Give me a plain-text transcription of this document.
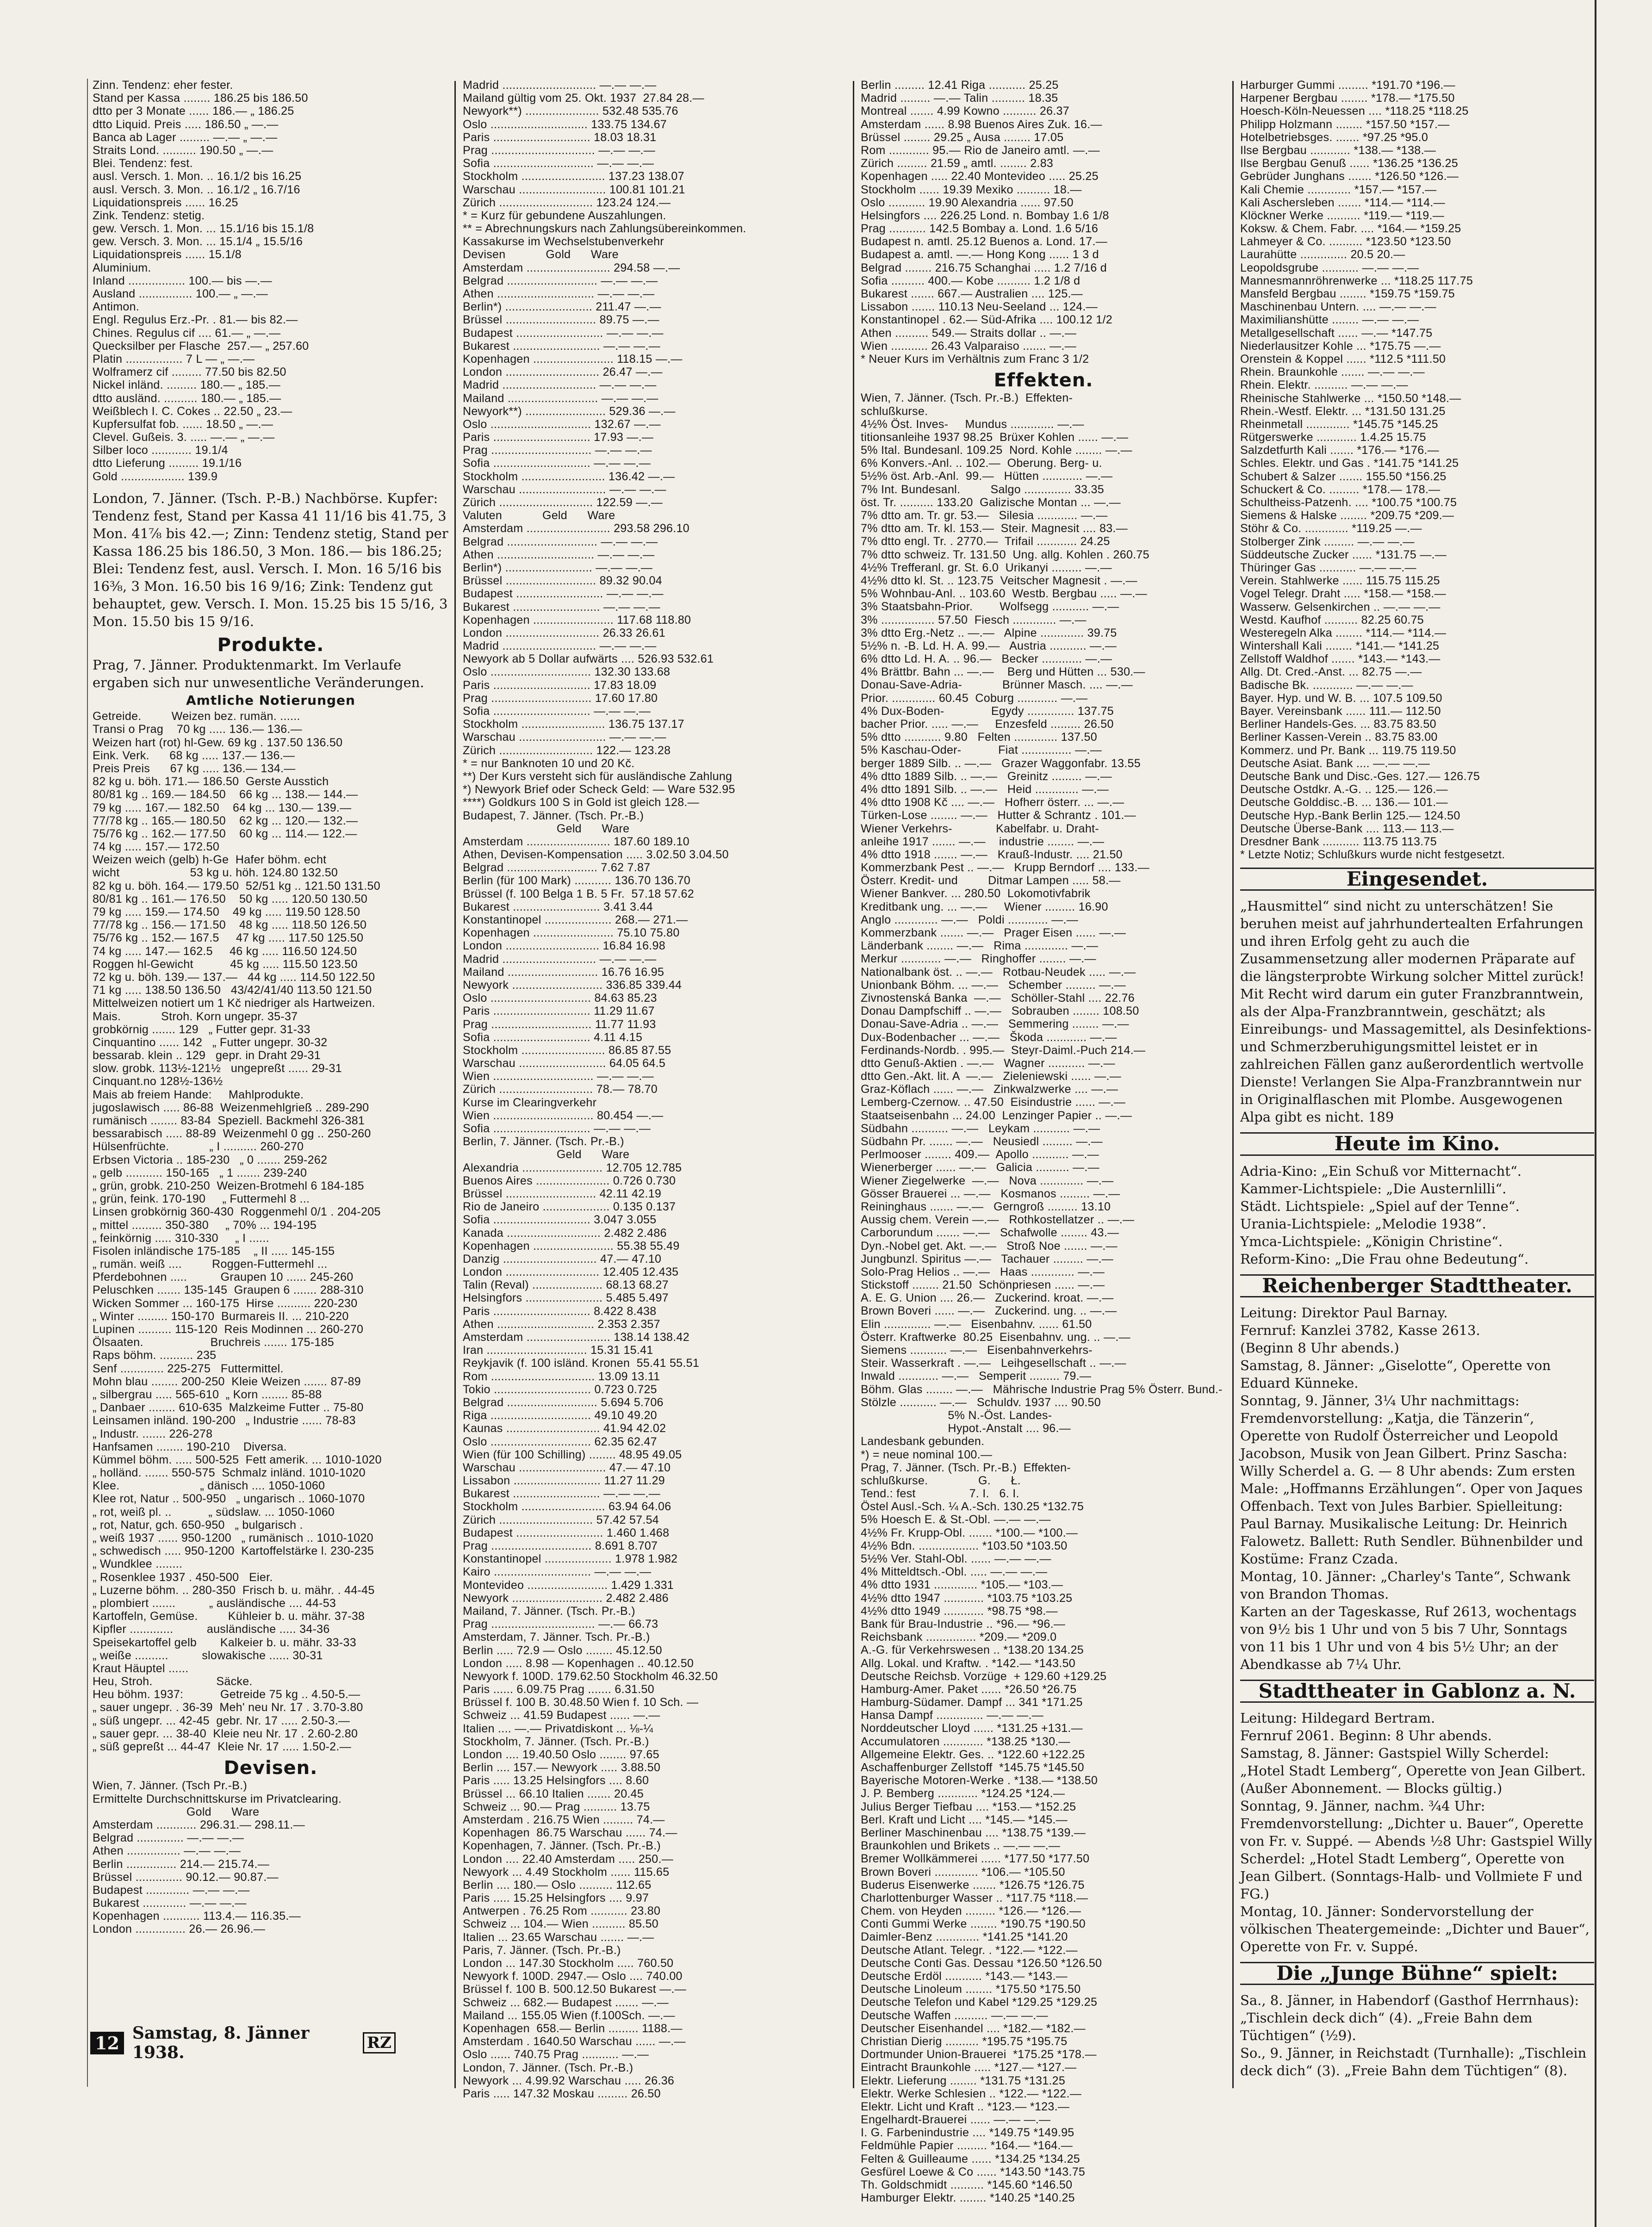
Zinn. Tendenz: eher fester.
Stand per Kassa ........ 186.25 bis 186.50
dtto per 3 Monate ...... 186.— „ 186.25
dtto Liquid. Preis ..... 186.50 „ —.—
Banca ab Lager ......... —.— „ —.—
Straits Lond. .......... 190.50 „ —.—
Blei. Tendenz: fest.
ausl. Versch. 1. Mon. .. 16.1/2 bis 16.25
ausl. Versch. 3. Mon. .. 16.1/2 „ 16.7/16
Liquidationspreis ...... 16.25
Zink. Tendenz: stetig.
gew. Versch. 1. Mon. ... 15.1/16 bis 15.1/8
gew. Versch. 3. Mon. ... 15.1/4 „ 15.5/16
Liquidationspreis ...... 15.1/8
Aluminium.
Inland ................. 100.— bis —.—
Ausland ................ 100.— „ —.—
Antimon.
Engl. Regulus Erz.-Pr. . 81.— bis 82.—
Chines. Regulus cif .... 61.— „ —.—
Quecksilber per Flasche  257.— „ 257.60
Platin ................. 7 L — „ —.—
Wolframerz cif ......... 77.50 bis 82.50
Nickel inländ. ......... 180.— „ 185.—
dtto ausländ. .......... 180.— „ 185.—
Weißblech I. C. Cokes .. 22.50 „ 23.—
Kupfersulfat fob. ...... 18.50 „ —.—
Clevel. Gußeis. 3. ..... —.— „ —.—
Silber loco ............ 19.1/4
dtto Lieferung ......... 19.1/16
Gold ................... 139.9
London, 7. Jänner. (Tsch. P.-B.) Nachbörse. Kupfer: Tendenz fest, Stand per Kassa 41 11/16 bis 41.75, 3 Mon. 41⅞ bis 42.—; Zinn: Tendenz stetig, Stand per Kassa 186.25 bis 186.50, 3 Mon. 186.— bis 186.25; Blei: Tendenz fest, ausl. Versch. I. Mon. 16 5/16 bis 16⅜, 3 Mon. 16.50 bis 16 9/16; Zink: Tendenz gut behauptet, gew. Versch. I. Mon. 15.25 bis 15 5/16, 3 Mon. 15.50 bis 15 9/16.
Produkte.
Prag, 7. Jänner. Produktenmarkt. Im Verlaufe ergaben sich nur unwesentliche Veränderungen.
Amtliche Notierungen
Getreide.         Weizen bez. rumän. ......
Transi o Prag    70 kg ..... 136.— 136.—
Weizen hart (rot) hl-Gew. 69 kg . 137.50 136.50
Eink. Verk.      68 kg ..... 137.— 136.—
Preis Preis      67 kg ..... 136.— 134.—
82 kg u. böh. 171.— 186.50  Gerste Ausstich
80/81 kg .. 169.— 184.50    66 kg ... 138.— 144.—
79 kg ..... 167.— 182.50    64 kg ... 130.— 139.—
77/78 kg .. 165.— 180.50    62 kg ... 120.— 132.—
75/76 kg .. 162.— 177.50    60 kg ... 114.— 122.—
74 kg ..... 157.— 172.50
Weizen weich (gelb) h-Ge  Hafer böhm. echt
wicht                     53 kg u. höh. 124.80 132.50
82 kg u. böh. 164.— 179.50  52/51 kg .. 121.50 131.50
80/81 kg .. 161.— 176.50    50 kg ..... 120.50 130.50
79 kg ..... 159.— 174.50    49 kg ..... 119.50 128.50
77/78 kg .. 156.— 171.50    48 kg ..... 118.50 126.50
75/76 kg .. 152.— 167.5     47 kg ..... 117.50 125.50
74 kg ..... 147.— 162.5     46 kg ..... 116.50 124.50
Roggen hl-Gewicht           45 kg ..... 115.50 123.50
72 kg u. böh. 139.— 137.—   44 kg ..... 114.50 122.50
71 kg ..... 138.50 136.50   43/42/41/40 113.50 121.50
Mittelweizen notiert um 1 Kč niedriger als Hartweizen.
Mais.            Stroh. Korn ungepr. 35-37
grobkörnig ....... 129   „ Futter gepr. 31-33
Cinquantino ...... 142   „ Futter ungepr. 30-32
bessarab. klein .. 129   gepr. in Draht 29-31
slow. grobk. 113½-121½   ungepreßt ...... 29-31
Cinquant.no 128½-136½
Mais ab freiem Hande:     Mahlprodukte.
jugoslawisch ..... 86-88  Weizenmehlgrieß .. 289-290
rumänisch ........ 83-84  Speziell. Backmehl 326-381
bessarabisch ..... 88-89  Weizenmehl 0 gg .. 250-260
Hülsenfrüchte.            „ I .......... 260-270
Erbsen Victoria .. 185-230   „ 0 ....... 259-262
„ gelb ........... 150-165   „ 1 ....... 239-240
„ grün, grobk. 210-250  Weizen-Brotmehl 6 184-185
„ grün, feink. 170-190     „ Futtermehl 8 ...
Linsen grobkörnig 360-430  Roggenmehl 0/1 . 204-205
„ mittel ......... 350-380     „ 70% ... 194-195
„ feinkörnig ..... 310-330     „ I ......
Fisolen inländische 175-185    „ II ..... 145-155
„ rumän. weiß ....         Roggen-Futtermehl ...
Pferdebohnen .....          Graupen 10 ...... 245-260
Peluschken ....... 135-145  Graupen 6 ....... 288-310
Wicken Sommer ... 160-175  Hirse .......... 220-230
„ Winter ......... 150-170  Burmareis II. ... 210-220
Lupinen .......... 115-120  Reis Modinnen ... 260-270
Ölsaaten.                    Bruchreis ....... 175-185
Raps böhm. .......... 235
Senf ............. 225-275   Futtermittel.
Mohn blau ........ 200-250  Kleie Weizen ....... 87-89
„ silbergrau ..... 565-610  „ Korn ........ 85-88
„ Danbaer ........ 610-635  Malzkeime Futter .. 75-80
Leinsamen inländ. 190-200   „ Industrie ...... 78-83
„ Industr. ....... 226-278
Hanfsamen ........ 190-210    Diversa.
Kümmel böhm. ..... 500-525  Fett amerik. ... 1010-1020
„ holländ. ....... 550-575  Schmalz inländ. 1010-1020
Klee.                        „ dänisch .... 1050-1060
Klee rot, Natur .. 500-950   „ ungarisch .. 1060-1070
„ rot, weiß pl. ..           „ südslaw. ... 1050-1060
„ rot, Natur, gch. 650-950   „ bulgarisch .
„ weiß 1937 ...... 950-1200   „ rumänisch .. 1010-1020
„ schwedisch ..... 950-1200  Kartoffelstärke l. 230-235
„ Wundklee ........
„ Rosenklee 1937 . 450-500   Eier.
„ Luzerne böhm. .. 280-350  Frisch b. u. mähr. . 44-45
„ plombiert .......          „ ausländische .... 44-53
Kartoffeln, Gemüse.         Kühleier b. u. mähr. 37-38
Kipfler .............          ausländische ..... 34-36
Speisekartoffel gelb       Kalkeier b. u. mähr. 33-33
„ weiße ..........          slowakische ...... 30-31
Kraut Häuptel ......
Heu, Stroh.                   Säcke.
Heu böhm. 1937:           Getreide 75 kg .. 4.50-5.—
„ sauer ungepr. . 36-39  Meh' neu Nr. 17 . 3.70-3.80
„ süß ungepr. ... 42-45  gebr. Nr. 17 ..... 2.50-3.—
„ sauer gepr. ... 38-40  Kleie neu Nr. 17 . 2.60-2.80
„ süß gepreßt ... 44-47  Kleie Nr. 17 ..... 1.50-2.—
Devisen.
Wien, 7. Jänner. (Tsch Pr.-B.)
Ermittelte Durchschnittskurse im Privatclearing.
Gold      Ware
Amsterdam ............ 296.31.— 298.11.—
Belgrad .............. —.— —.—
Athen ................ —.— —.—
Berlin ............... 214.— 215.74.—
Brüssel .............. 90.12.— 90.87.—
Budapest ............. —.— —.—
Bukarest ............. —.— —.—
Kopenhagen ........... 113.4.— 116.35.—
London ............... 26.— 26.96.—
Madrid ............................ —.— —.—
Mailand gültig vom 25. Okt. 1937  27.84 28.—
Newyork**) ...................... 532.48 535.76
Oslo ............................. 133.75 134.67
Paris ............................. 18.03 18.31
Prag ............................... —.— —.—
Sofia .............................. —.— —.—
Stockholm ......................... 137.23 138.07
Warschau .......................... 100.81 101.21
Zürich ............................ 123.24 124.—
* = Kurz für gebundene Auszahlungen.
** = Abrechnungskurs nach Zahlungsübereinkommen.
Kassakurse im Wechselstubenverkehr
Devisen            Gold      Ware
Amsterdam ......................... 294.58 —.—
Belgrad ........................... —.— —.—
Athen ............................. —.— —.—
Berlin*) .......................... 211.47 —.—
Brüssel ........................... 89.75 —.—
Budapest .......................... —.— —.—
Bukarest .......................... —.— —.—
Kopenhagen ........................ 118.15 —.—
London ............................ 26.47 —.—
Madrid ............................ —.— —.—
Mailand ........................... —.— —.—
Newyork**) ........................ 529.36 —.—
Oslo .............................. 132.67 —.—
Paris ............................. 17.93 —.—
Prag .............................. —.— —.—
Sofia ............................. —.— —.—
Stockholm ......................... 136.42 —.—
Warschau .......................... —.— —.—
Zürich ............................ 122.59 —.—
Valuten            Geld      Ware
Amsterdam ......................... 293.58 296.10
Belgrad ........................... —.— —.—
Athen ............................. —.— —.—
Berlin*) .......................... —.— —.—
Brüssel ........................... 89.32 90.04
Budapest .......................... —.— —.—
Bukarest .......................... —.— —.—
Kopenhagen ........................ 117.68 118.80
London ............................ 26.33 26.61
Madrid ............................ —.— —.—
Newyork ab 5 Dollar aufwärts .... 526.93 532.61
Oslo .............................. 132.30 133.68
Paris ............................. 17.83 18.09
Prag .............................. 17.60 17.80
Sofia ............................. —.— —.—
Stockholm ......................... 136.75 137.17
Warschau .......................... —.— —.—
Zürich ............................ 122.— 123.28
* = nur Banknoten 10 und 20 Kč.
**) Der Kurs versteht sich für ausländische Zahlung
*) Newyork Brief oder Scheck Geld: — Ware 532.95
****) Goldkurs 100 S in Gold ist gleich 128.—
Budapest, 7. Jänner. (Tsch. Pr.-B.)
Geld      Ware
Amsterdam ......................... 187.60 189.10
Athen, Devisen-Kompensation ..... 3.02.50 3.04.50
Belgrad ........................... 7.62 7.87
Berlin (für 100 Mark) ........... 136.70 136.70
Brüssel (f. 100 Belga 1 B. 5 Fr.  57.18 57.62
Bukarest .......................... 3.41 3.44
Konstantinopel .................... 268.— 271.—
Kopenhagen ........................ 75.10 75.80
London ............................ 16.84 16.98
Madrid ............................ —.— —.—
Mailand ........................... 16.76 16.95
Newyork ........................... 336.85 339.44
Oslo .............................. 84.63 85.23
Paris ............................. 11.29 11.67
Prag .............................. 11.77 11.93
Sofia ............................. 4.11 4.15
Stockholm ......................... 86.85 87.55
Warschau .......................... 64.05 64.5
Wien .............................. —.— —.—
Zürich ............................ 78.— 78.70
Kurse im Clearingverkehr
Wien .............................. 80.454 —.—
Sofia ............................. —.— —.—
Berlin, 7. Jänner. (Tsch. Pr.-B.)
Geld      Ware
Alexandria ........................ 12.705 12.785
Buenos Aires ...................... 0.726 0.730
Brüssel ........................... 42.11 42.19
Rio de Janeiro .................... 0.135 0.137
Sofia ............................. 3.047 3.055
Kanada ............................ 2.482 2.486
Kopenhagen ........................ 55.38 55.49
Danzig ............................ 47.— 47.10
London ............................ 12.405 12.435
Talin (Reval) ..................... 68.13 68.27
Helsingfors ....................... 5.485 5.497
Paris ............................. 8.422 8.438
Athen ............................. 2.353 2.357
Amsterdam ......................... 138.14 138.42
Iran .............................. 15.31 15.41
Reykjavik (f. 100 isländ. Kronen  55.41 55.51
Rom ............................... 13.09 13.11
Tokio ............................. 0.723 0.725
Belgrad ........................... 5.694 5.706
Riga .............................. 49.10 49.20
Kaunas ............................ 41.94 42.02
Oslo .............................. 62.35 62.47
Wien (für 100 Schilling) ........ 48.95 49.05
Warschau .......................... 47.— 47.10
Lissabon .......................... 11.27 11.29
Bukarest .......................... —.— —.—
Stockholm ......................... 63.94 64.06
Zürich ............................ 57.42 57.54
Budapest .......................... 1.460 1.468
Prag .............................. 8.691 8.707
Konstantinopel .................... 1.978 1.982
Kairo ............................. —.— —.—
Montevideo ........................ 1.429 1.331
Newyork ........................... 2.482 2.486
Mailand, 7. Jänner. (Tsch. Pr.-B.)
Prag ............................... —.— 66.73
Amsterdam, 7. Jänner. Tsch. Pr.-B.)
Berlin ..... 72.9 — Oslo ........ 45.12.50
London ..... 8.98 — Kopenhagen .. 40.12.50
Newyork f. 100D. 179.62.50 Stockholm 46.32.50
Paris ...... 6.09.75 Prag ....... 6.31.50
Brüssel f. 100 B. 30.48.50 Wien f. 10 Sch. —
Schweiz ... 41.59 Budapest ...... —.—
Italien .... —.— Privatdiskont ... ⅛-¼
Stockholm, 7. Jänner. (Tsch. Pr.-B.)
London .... 19.40.50 Oslo ........ 97.65
Berlin .... 157.— Newyork ..... 3.88.50
Paris ..... 13.25 Helsingfors .... 8.60
Brüssel ... 66.10 Italien ....... 20.45
Schweiz ... 90.— Prag .......... 13.75
Amsterdam . 216.75 Wien ......... 74.—
Kopenhagen  86.75 Warschau ...... 74.—
Kopenhagen, 7. Jänner. (Tsch. Pr.-B.)
London .... 22.40 Amsterdam ..... 250.—
Newyork ... 4.49 Stockholm ...... 115.65
Berlin .... 180.— Oslo .......... 112.65
Paris ..... 15.25 Helsingfors .... 9.97
Antwerpen . 76.25 Rom ........... 23.80
Schweiz ... 104.— Wien .......... 85.50
Italien ... 23.65 Warschau ....... —.—
Paris, 7. Jänner. (Tsch. Pr.-B.)
London ... 147.30 Stockholm ..... 760.50
Newyork f. 100D. 2947.— Oslo .... 740.00
Brüssel f. 100 B. 500.12.50 Bukarest —.—
Schweiz ... 682.— Budapest ....... —.—
Mailand ... 155.05 Wien (f.100Sch. —.—
Kopenhagen  658.— Berlin ......... 1188.—
Amsterdam . 1640.50 Warschau ...... —.—
Oslo ...... 740.75 Prag ........... —.—
London, 7. Jänner. (Tsch. Pr.-B.)
Newyork ... 4.99.92 Warschau ..... 26.36
Paris ..... 147.32 Moskau ......... 26.50
Berlin ......... 12.41 Riga ........... 25.25
Madrid ......... —.— Talin .......... 18.35
Montreal ....... 4.99 Kowno .......... 26.37
Amsterdam ...... 8.98 Buenos Aires Zuk. 16.—
Brüssel ........ 29.25 „ Ausa ........ 17.05
Rom ............ 95.— Rio de Janeiro amtl. —.—
Zürich ......... 21.59 „ amtl. ........ 2.83
Kopenhagen ..... 22.40 Montevideo ..... 25.25
Stockholm ...... 19.39 Mexiko .......... 18.—
Oslo ........... 19.90 Alexandria ...... 97.50
Helsingfors .... 226.25 Lond. n. Bombay 1.6 1/8
Prag ........... 142.5 Bombay a. Lond. 1.6 5/16
Budapest n. amtl. 25.12 Buenos a. Lond. 17.—
Budapest a. amtl. —.— Hong Kong ...... 1 3 d
Belgrad ........ 216.75 Schanghai ..... 1.2 7/16 d
Sofia .......... 400.— Kobe .......... 1.2 1/8 d
Bukarest ....... 667.— Australien .... 125.—
Lissabon ....... 110.13 Neu-Seeland ... 124.—
Konstantinopel . 62.— Süd-Afrika .... 100.12 1/2
Athen .......... 549.— Straits dollar .. —.—
Wien ........... 26.43 Valparaiso ....... —.—
* Neuer Kurs im Verhältnis zum Franc 3 1/2
Effekten.
Wien, 7. Jänner. (Tsch. Pr.-B.)  Effekten-
schlußkurse.
4½% Öst. Inves-     Mundus ............. —.—
titionsanleihe 1937 98.25  Brüxer Kohlen ...... —.—
5% Ital. Bundesanl. 109.25  Nord. Kohle ........ —.—
6% Konvers.-Anl. .. 102.—  Oberung. Berg- u.
5½% öst. Arb.-Anl.  99.—   Hütten ............ —.—
7% Int. Bundesanl.         Salgo .............. 33.35
öst. Tr. .......... 133.20  Galizische Montan ... —.—
7% dtto am. Tr. gr. 53.—   Silesia ............ —.—
7% dtto am. Tr. kl. 153.—  Steir. Magnesit .... 83.—
7% dtto engl. Tr. . 2770.—  Trifail ............ 24.25
7% dtto schweiz. Tr. 131.50  Ung. allg. Kohlen . 260.75
4½% Trefferanl. gr. St. 6.0  Urikanyi ......... —.—
4½% dtto kl. St. .. 123.75  Veitscher Magnesit . —.—
5% Wohnbau-Anl. .. 103.60  Westb. Bergbau ..... —.—
3% Staatsbahn-Prior.        Wolfsegg ........... —.—
3% ................ 57.50  Fiesch ............. —.—
3% dtto Erg.-Netz .. —.—   Alpine ............. 39.75
5½% n. -B. Ld. H. A. 99.—   Austria ........... —.—
6% dtto Ld. H. A. .. 96.—   Becker ............ —.—
4% Brättbr. Bahn ... —.—    Berg und Hütten ... 530.—
Donau-Save-Adria-            Brünner Masch. .... —.—
Prior. ............. 60.45  Coburg ............ —.—
4% Dux-Boden-              Egydy .............. 137.75
bacher Prior. ..... —.—     Enzesfeld ......... 26.50
5% dtto ........... 9.80   Felten ............. 137.50
5% Kaschau-Oder-           Fiat ............... —.—
berger 1889 Silb. .. —.—   Grazer Waggonfabr. 13.55
4% dtto 1889 Silb. .. —.—   Greinitz ......... —.—
4% dtto 1891 Silb. .. —.—   Heid ............. —.—
4% dtto 1908 Kč .... —.—   Hofherr österr. ... —.—
Türken-Lose ........ —.—   Hutter & Schrantz . 101.—
Wiener Verkehrs-             Kabelfabr. u. Draht-
anleihe 1917 ....... —.—    industrie ........ —.—
4% dtto 1918 ....... —.—   Krauß-Industr. .... 21.50
Kommerzbank Pest .. —.—   Krupp Berndorf .... 133.—
Österr. Kredit- und         Ditmar Lampen ..... 58.—
Wiener Bankver. ... 280.50  Lokomotivfabrik
Kreditbank ung. ... —.—     Wiener ......... 16.90
Anglo ............. —.—   Poldi ............ —.—
Kommerzbank ....... —.—   Prager Eisen ...... —.—
Länderbank ........ —.—   Rima ............. —.—
Merkur ............ —.—   Ringhoffer ........ —.—
Nationalbank öst. .. —.—   Rotbau-Neudek ..... —.—
Unionbank Böhm. ... —.—   Schember ......... —.—
Zivnostenská Banka  —.—   Schöller-Stahl .... 22.76
Donau Dampfschiff .. —.—   Sobrauben ........ 108.50
Donau-Save-Adria .. —.—   Semmering ........ —.—
Dux-Bodenbacher ... —.—   Škoda ............ —.—
Ferdinands-Nordb. . 995.—  Steyr-Daiml.-Puch 214.—
dtto Genuß-Aktien . —.—   Wagner ........... —.—
dtto Gen.-Akt. lit. A  —.—   Zieleniewski ...... —.—
Graz-Köflach ...... —.—   Zinkwalzwerke .... —.—
Lemberg-Czernow. .. 47.50  Eisindustrie ...... —.—
Staatseisenbahn ... 24.00  Lenzinger Papier .. —.—
Südbahn ........... —.—   Leykam ........... —.—
Südbahn Pr. ....... —.—   Neusiedl ......... —.—
Perlmooser ........ 409.—  Apollo ........... —.—
Wienerberger ...... —.—   Galicia .......... —.—
Wiener Ziegelwerke  —.—   Nova ............. —.—
Gösser Brauerei ... —.—   Kosmanos ......... —.—
Reininghaus ....... —.—   Gerngroß ......... 13.10
Aussig chem. Verein —.—   Rothkostellatzer .. —.—
Carborundum ....... —.—   Schafwolle ........ 43.—
Dyn.-Nobel get. Akt. —.—   Stroß Noe ....... —.—
Jungbunzl. Spiritus —.—   Tachauer ......... —.—
Solo-Prag Helios .. —.—   Haas ............. —.—
Stickstoff ........ 21.50  Schönpriesen ...... —.—
A. E. G. Union .... 26.—   Zuckerind. kroat. —.—
Brown Boveri ...... —.—   Zuckerind. ung. .. —.—
Elin .............. —.—   Eisenbahnv. ...... 61.50
Österr. Kraftwerke  80.25  Eisenbahnv. ung. .. —.—
Siemens ........... —.—   Eisenbahnverkehrs-
Steir. Wasserkraft . —.—   Leihgesellschaft .. —.—
Inwald ............ —.—   Semperit ......... 79.—
Böhm. Glas ........ —.—   Mährische Industrie Prag 5% Österr. Bund.-
Stölzle ........... —.—   Schuldv. 1937 .... 90.50
5% N.-Öst. Landes-
Hypot.-Anstalt .... 96.—
Landesbank gebunden.
*) = neue nominal 100.—
Prag, 7. Jänner. (Tsch. Pr.-B.)  Effekten-
schlußkurse.               G.      Ł.
Tend.: fest                7. I.   6. I.
Östel Ausl.-Sch. ¼ A.-Sch. 130.25 *132.75
5% Hoesch E. & St.-Obl. —.— —.—
4½% Fr. Krupp-Obl. ....... *100.— *100.—
4½% Bdn. .................. *103.50 *103.50
5½% Ver. Stahl-Obl. ...... —.— —.—
4% Mitteldtsch.-Obl. ..... —.— —.—
4% dtto 1931 ............. *105.— *103.—
4½% dtto 1947 ............ *103.75 *103.25
4½% dtto 1949 ............ *98.75 *98.—
Bank für Brau-Industrie .. *96.— *96.—
Reichsbank ............... *209.— *209.0
A.-G. für Verkehrswesen .. *138.20 134.25
Allg. Lokal. und Kraftw. . *142.— *143.50
Deutsche Reichsb. Vorzüge  + 129.60 +129.25
Hamburg-Amer. Paket ...... *26.50 *26.75
Hamburg-Südamer. Dampf ... 341 *171.25
Hansa Dampf .............. —.— —.—
Norddeutscher Lloyd ...... *131.25 +131.—
Accumulatoren ............ *138.25 *130.—
Allgemeine Elektr. Ges. .. *122.60 +122.25
Aschaffenburger Zellstoff  *145.75 *145.50
Bayerische Motoren-Werke . *138.— *138.50
J. P. Bemberg ............ *124.25 *124.—
Julius Berger Tiefbau .... *153.— *152.25
Berl. Kraft und Licht .... *145.— *145.—
Berliner Maschinenbau .... *138.75 *139.—
Braunkohlen und Brikets .. —.— —.—
Bremer Wollkämmerei ...... *177.50 *177.50
Brown Boveri ............. *106.— *105.50
Buderus Eisenwerke ....... *126.75 *126.75
Charlottenburger Wasser .. *117.75 *118.—
Chem. von Heyden ......... *126.— *126.—
Conti Gummi Werke ........ *190.75 *190.50
Daimler-Benz ............. *141.25 *141.20
Deutsche Atlant. Telegr. . *122.— *122.—
Deutsche Conti Gas. Dessau *126.50 *126.50
Deutsche Erdöl ........... *143.— *143.—
Deutsche Linoleum ........ *175.50 *175.50
Deutsche Telefon und Kabel *129.25 *129.25
Deutsche Waffen .......... —.— —.—
Deutscher Eisenhandel .... *182.— *182.—
Christian Dierig .......... *195.75 *195.75
Dortmunder Union-Brauerei  *175.25 *178.—
Eintracht Braunkohle ..... *127.— *127.—
Elektr. Lieferung ........ *131.75 *131.25
Elektr. Werke Schlesien .. *122.— *122.—
Elektr. Licht und Kraft .. *123.— *123.—
Engelhardt-Brauerei ...... —.— —.—
I. G. Farbenindustrie .... *149.75 *149.95
Feldmühle Papier ......... *164.— *164.—
Felten & Guilleaume ...... *134.25 *134.25
Gesfürel Loewe & Co ...... *143.50 *143.75
Th. Goldschmidt .......... *145.60 *146.50
Hamburger Elektr. ........ *140.25 *140.25
Harburger Gummi ......... *191.70 *196.—
Harpener Bergbau ........ *178.— *175.50
Hoesch-Köln-Neuessen .... *118.25 *118.25
Philipp Holzmann ........ *157.50 *157.—
Hotelbetriebsges. ....... *97.25 *95.0
Ilse Bergbau ............ *138.— *138.—
Ilse Bergbau Genuß ...... *136.25 *136.25
Gebrüder Junghans ....... *126.50 *126.—
Kali Chemie ............. *157.— *157.—
Kali Aschersleben ....... *114.— *114.—
Klöckner Werke .......... *119.— *119.—
Koksw. & Chem. Fabr. .... *164.— *159.25
Lahmeyer & Co. .......... *123.50 *123.50
Laurahütte .............. 20.5 20.—
Leopoldsgrube ........... —.— —.—
Mannesmannröhrenwerke ... *118.25 117.75
Mansfeld Bergbau ........ *159.75 *159.75
Maschinenbau Untern. .... —.— —.—
Maximilianshütte ........ —.— —.—
Metallgesellschaft ...... —.— *147.75
Niederlausitzer Kohle ... *175.75 —.—
Orenstein & Koppel ...... *112.5 *111.50
Rhein. Braunkohle ....... —.— —.—
Rhein. Elektr. .......... —.— —.—
Rheinische Stahlwerke ... *150.50 *148.—
Rhein.-Westf. Elektr. ... *131.50 131.25
Rheinmetall ............. *145.75 *145.25
Rütgerswerke ............ 1.4.25 15.75
Salzdetfurth Kali ....... *176.— *176.—
Schles. Elektr. und Gas . *141.75 *141.25
Schubert & Salzer ....... 155.50 *156.25
Schuckert & Co. ......... *178.— 178.—
Schultheiss-Patzenh. .... *100.75 *100.75
Siemens & Halske ........ *209.75 *209.—
Stöhr & Co. ............. *119.25 —.—
Stolberger Zink ......... —.— —.—
Süddeutsche Zucker ...... *131.75 —.—
Thüringer Gas ........... —.— —.—
Verein. Stahlwerke ...... 115.75 115.25
Vogel Telegr. Draht ..... *158.— *158.—
Wasserw. Gelsenkirchen .. —.— —.—
Westd. Kaufhof .......... 82.25 60.75
Westeregeln Alka ........ *114.— *114.—
Wintershall Kali ........ *141.— *141.25
Zellstoff Waldhof ....... *143.— *143.—
Allg. Dt. Cred.-Anst. ... 82.75 —.—
Badische Bk. ............ —.— —.—
Bayer. Hyp. und W. B. ... 107.5 109.50
Bayer. Vereinsbank ...... 111.— 112.50
Berliner Handels-Ges. ... 83.75 83.50
Berliner Kassen-Verein .. 83.75 83.00
Kommerz. und Pr. Bank ... 119.75 119.50
Deutsche Asiat. Bank .... —.— —.—
Deutsche Bank und Disc.-Ges. 127.— 126.75
Deutsche Ostdkr. A.-G. .. 125.— 126.—
Deutsche Golddisc.-B. ... 136.— 101.—
Deutsche Hyp.-Bank Berlin 125.— 124.50
Deutsche Überse-Bank .... 113.— 113.—
Dresdner Bank ........... 113.75 113.75
* Letzte Notiz; Schlußkurs wurde nicht festgesetzt.
Eingesendet.
„Hausmittel“ sind nicht zu unterschätzen! Sie beruhen meist auf jahrhundertealten Erfahrungen und ihren Erfolg geht zu auch die Zusammensetzung aller modernen Präparate auf die längsterprobte Wirkung solcher Mittel zurück! Mit Recht wird darum ein guter Franzbranntwein, als der Alpa-Franzbranntwein, geschätzt; als Einreibungs- und Massagemittel, als Desinfektions- und Schmerzberuhigungsmittel leistet er in zahlreichen Fällen ganz außerordentlich wertvolle Dienste! Verlangen Sie Alpa-Franzbranntwein nur in Originalflaschen mit Plombe. Ausgewogenen Alpa gibt es nicht. 189
Heute im Kino.
Adria-Kino: „Ein Schuß vor Mitternacht“.
Kammer-Lichtspiele: „Die Austernlilli“.
Städt. Lichtspiele: „Spiel auf der Tenne“.
Urania-Lichtspiele: „Melodie 1938“.
Ymca-Lichtspiele: „Königin Christine“.
Reform-Kino: „Die Frau ohne Bedeutung“.
Reichenberger Stadttheater.
Leitung: Direktor Paul Barnay.
Fernruf: Kanzlei 3782, Kasse 2613.
(Beginn 8 Uhr abends.)
Samstag, 8. Jänner: „Giselotte“, Operette von Eduard Künneke.
Sonntag, 9. Jänner, 3¼ Uhr nachmittags: Fremdenvorstellung: „Katja, die Tänzerin“, Operette von Rudolf Österreicher und Leopold Jacobson, Musik von Jean Gilbert. Prinz Sascha: Willy Scherdel a. G. — 8 Uhr abends: Zum ersten Male: „Hoffmanns Erzählungen“. Oper von Jaques Offenbach. Text von Jules Barbier. Spielleitung: Paul Barnay. Musikalische Leitung: Dr. Heinrich Falowetz. Ballett: Ruth Sendler. Bühnenbilder und Kostüme: Franz Czada.
Montag, 10. Jänner: „Charley's Tante“, Schwank von Brandon Thomas.
Karten an der Tageskasse, Ruf 2613, wochentags von 9½ bis 1 Uhr und von 5 bis 7 Uhr, Sonntags von 11 bis 1 Uhr und von 4 bis 5½ Uhr; an der Abendkasse ab 7¼ Uhr.
Stadttheater in Gablonz a. N.
Leitung: Hildegard Bertram.
Fernruf 2061. Beginn: 8 Uhr abends.
Samstag, 8. Jänner: Gastspiel Willy Scherdel: „Hotel Stadt Lemberg“, Operette von Jean Gilbert. (Außer Abonnement. — Blocks gültig.)
Sonntag, 9. Jänner, nachm. ¾4 Uhr: Fremdenvorstellung: „Dichter u. Bauer“, Operette von Fr. v. Suppé. — Abends ½8 Uhr: Gastspiel Willy Scherdel: „Hotel Stadt Lemberg“, Operette von Jean Gilbert. (Sonntags-Halb- und Vollmiete F und FG.)
Montag, 10. Jänner: Sondervorstellung der völkischen Theatergemeinde: „Dichter und Bauer“, Operette von Fr. v. Suppé.
Die „Junge Bühne“ spielt:
Sa., 8. Jänner, in Habendorf (Gasthof Herrnhaus): „Tischlein deck dich“ (4). „Freie Bahn dem Tüchtigen“ (½9).
So., 9. Jänner, in Reichstadt (Turnhalle): „Tischlein deck dich“ (3). „Freie Bahn dem Tüchtigen“ (8).
12 Samstag, 8. Jänner 1938.	RZ
